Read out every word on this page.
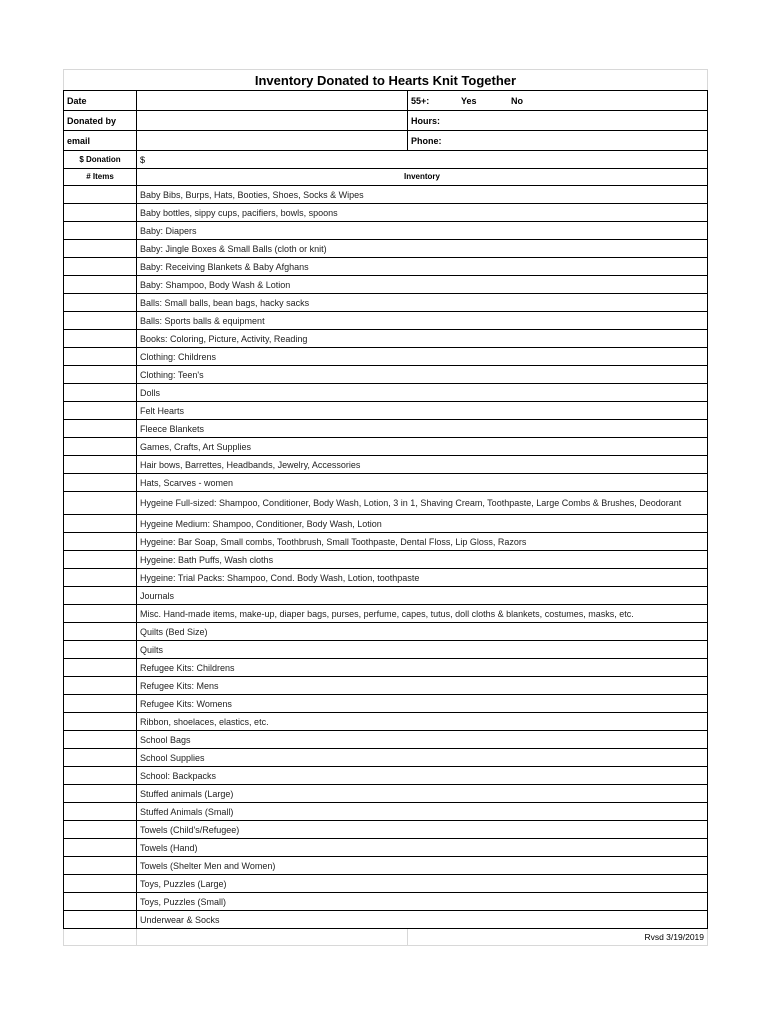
Inventory Donated to Hearts Knit Together
Date		55+: Yes No
Donated by		Hours:
email		Phone:
$ Donation	$	
# Items	Inventory	
	Baby Bibs, Burps, Hats, Booties, Shoes, Socks & Wipes	
	Baby bottles, sippy cups, pacifiers, bowls, spoons	
	Baby: Diapers	
	Baby: Jingle Boxes & Small Balls (cloth or knit)	
	Baby: Receiving Blankets & Baby Afghans	
	Baby: Shampoo, Body Wash & Lotion	
	Balls: Small balls, bean bags, hacky sacks	
	Balls: Sports balls & equipment	
	Books: Coloring, Picture, Activity, Reading	
	Clothing: Childrens	
	Clothing: Teen's	
	Dolls	
	Felt Hearts	
	Fleece Blankets	
	Games, Crafts, Art Supplies	
	Hair bows, Barrettes, Headbands, Jewelry, Accessories	
	Hats, Scarves - women	
	Hygeine Full-sized: Shampoo, Conditioner, Body Wash, Lotion, 3 in 1, Shaving Cream, Toothpaste, Large Combs & Brushes, Deodorant	
	Hygeine Medium: Shampoo, Conditioner, Body Wash, Lotion	
	Hygeine: Bar Soap, Small combs, Toothbrush, Small Toothpaste, Dental Floss, Lip Gloss, Razors	
	Hygeine: Bath Puffs, Wash cloths	
	Hygeine: Trial Packs: Shampoo, Cond. Body Wash, Lotion, toothpaste	
	Journals	
	Misc. Hand-made items, make-up, diaper bags, purses, perfume, capes, tutus, doll cloths & blankets, costumes, masks, etc.	
	Quilts (Bed Size)	
	Quilts	
	Refugee Kits: Childrens	
	Refugee Kits: Mens	
	Refugee Kits: Womens	
	Ribbon, shoelaces, elastics, etc.	
	School Bags	
	School Supplies	
	School: Backpacks	
	Stuffed animals (Large)	
	Stuffed Animals (Small)	
	Towels (Child's/Refugee)	
	Towels (Hand)	
	Towels (Shelter Men and Women)	
	Toys, Puzzles (Large)	
	Toys, Puzzles (Small)	
	Underwear & Socks	
		Rvsd 3/19/2019
